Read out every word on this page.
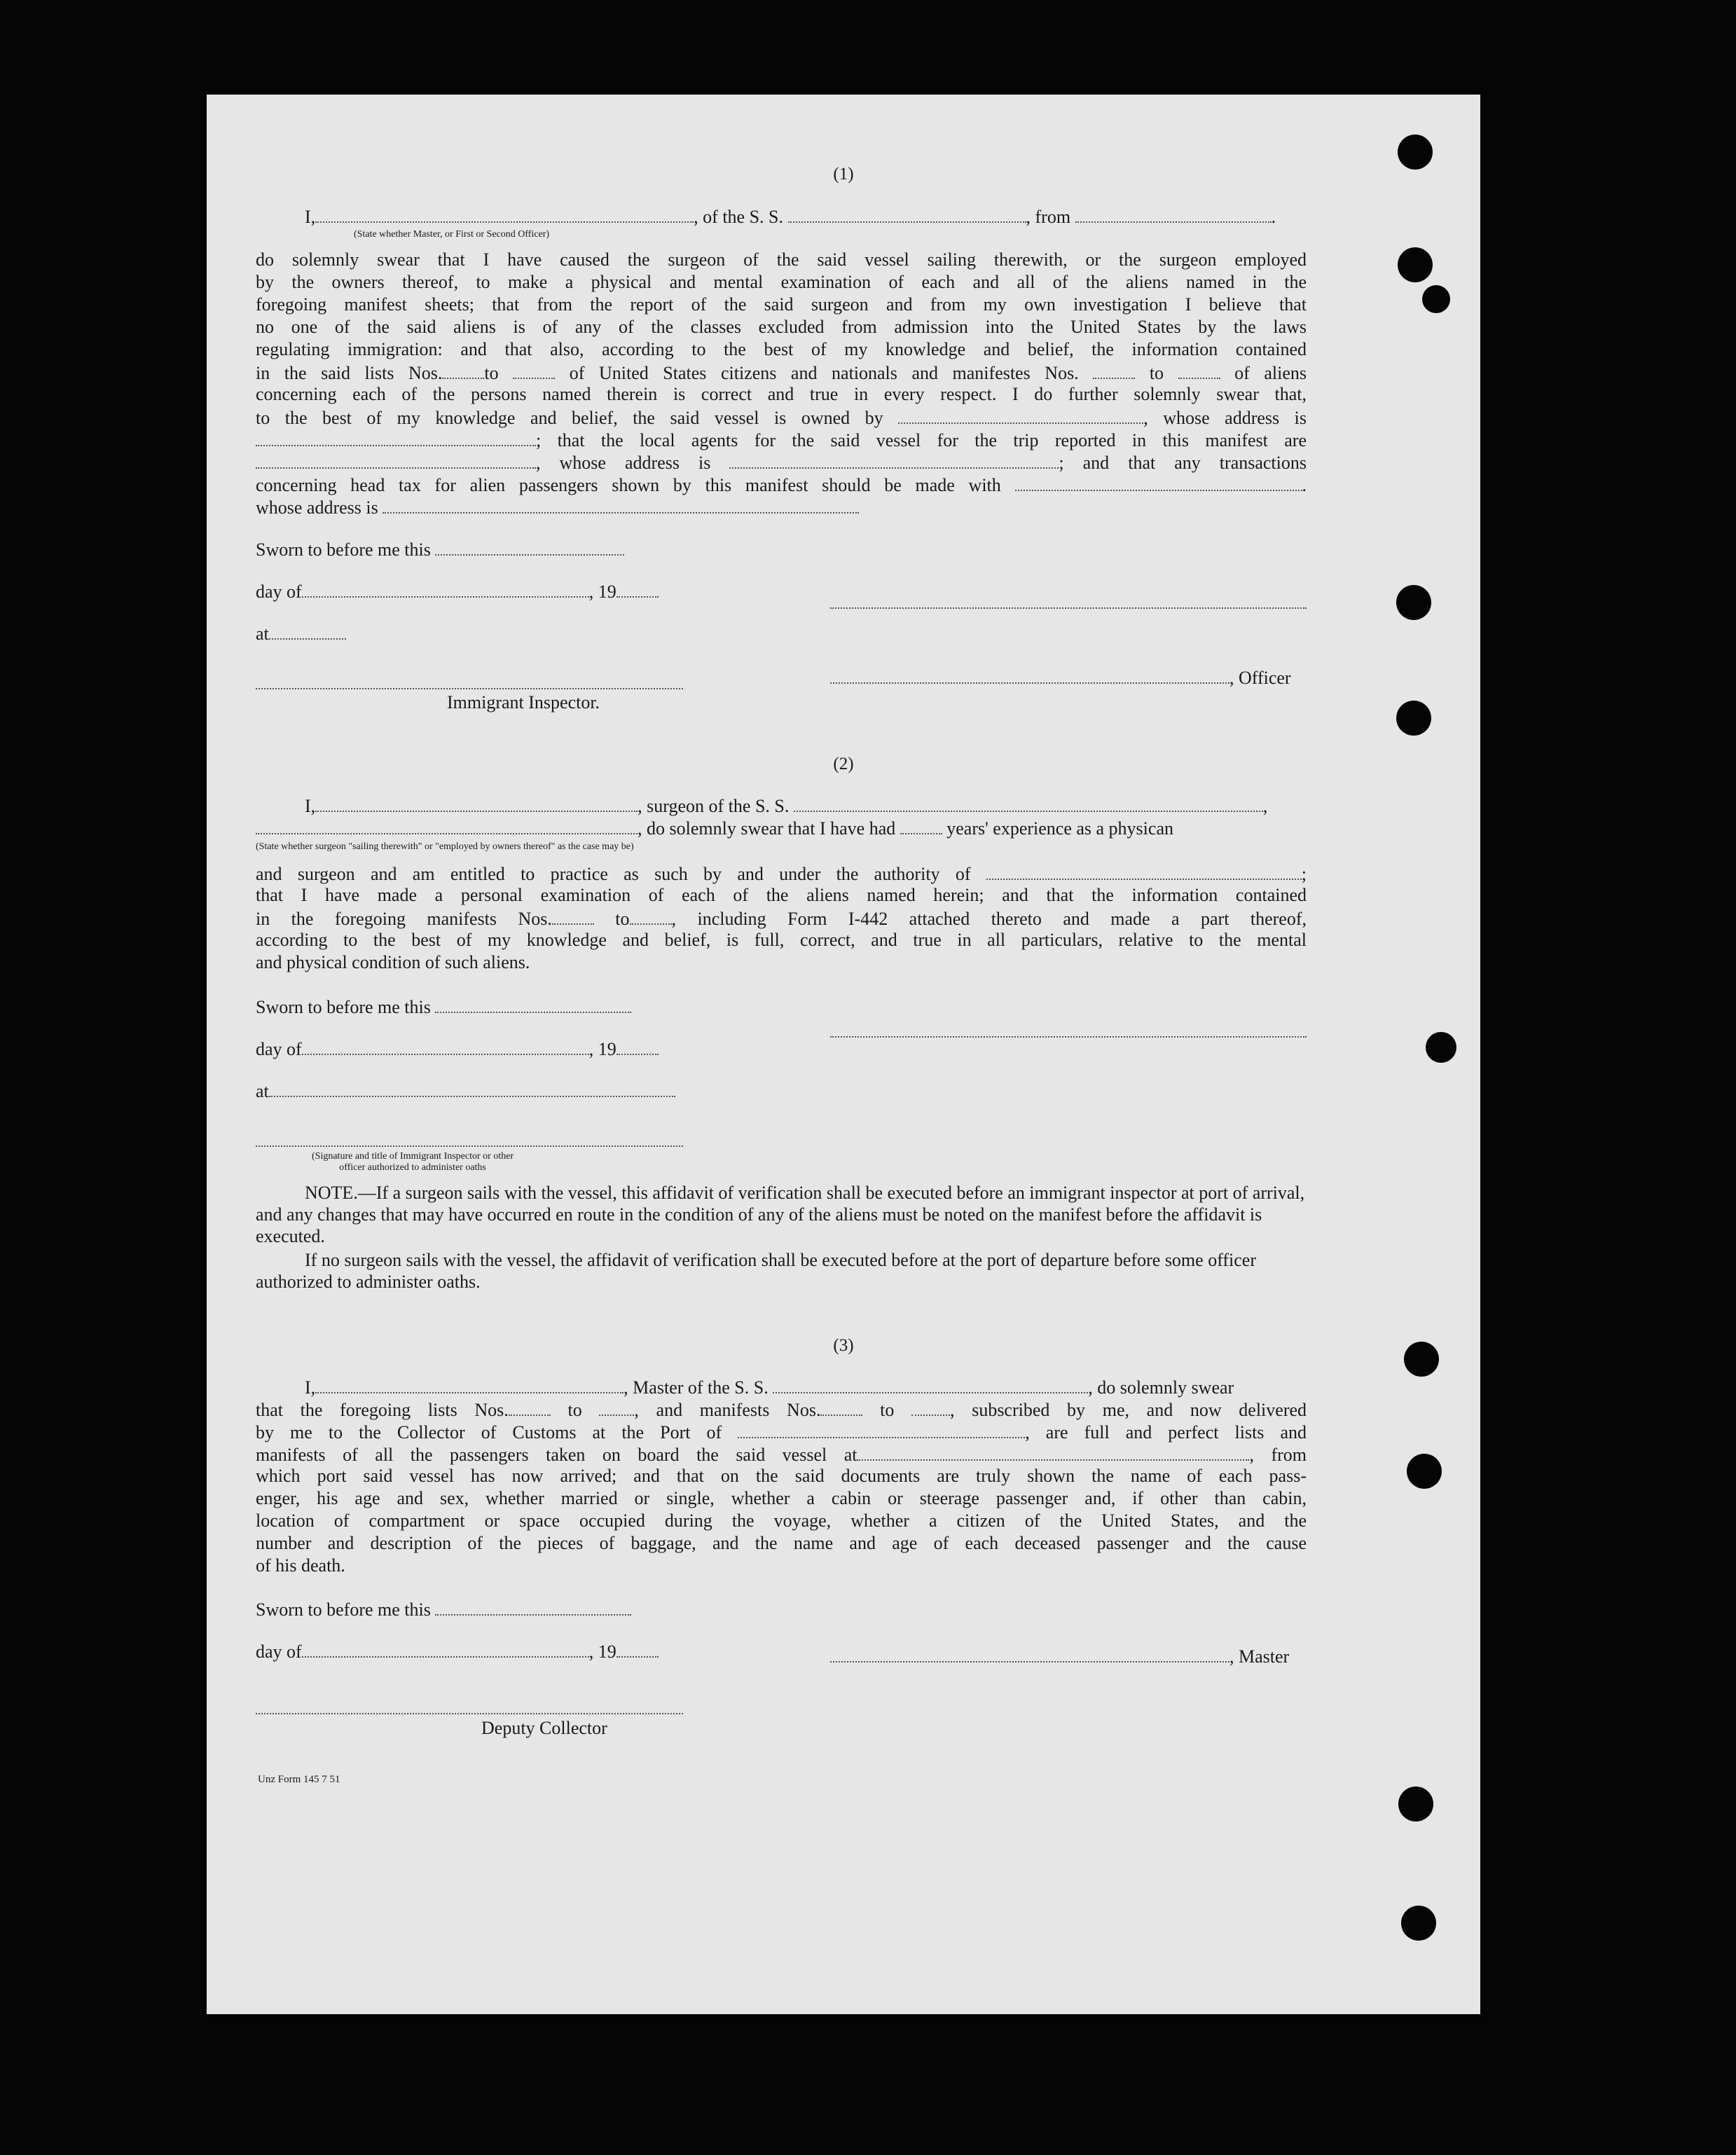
(1)
I,	, of the S. S.	, from	.
(State whether Master, or First or Second Officer)
do solemnly swear that I have caused the surgeon of the said vessel sailing therewith, or the surgeon employed
by the owners thereof, to make a physical and mental examination of each and all of the aliens named in the
foregoing manifest sheets; that from the report of the said surgeon and from my own investigation I believe that
no one of the said aliens is of any of the classes excluded from admission into the United States by the laws
regulating immigration: and that also, according to the best of my knowledge and belief, the information contained
in the said lists Nos. to	of United States citizens and nationals and manifestes Nos.	to	of aliens
concerning each of the persons named therein is correct and true in every respect. I do further solemnly swear that,
to the best of my knowledge and belief, the said vessel is owned by	, whose address is
; that the local agents for the said vessel for the trip reported in this manifest are
, whose address is	; and that any transactions
concerning head tax for alien passengers shown by this manifest should be made with	.
whose address is
Sworn to before me this
day of	, 19
at
, Officer
Immigrant Inspector.
(2)
I,	, surgeon of the S. S.	,
, do solemnly swear that I have had	years' experience as a physican
(State whether surgeon "sailing therewith" or "employed by owners thereof" as the case may be)
and surgeon and am entitled to practice as such by and under the authority of	;
that I have made a personal examination of each of the aliens named herein; and that the information contained
in the foregoing manifests Nos.	to , including Form I-442 attached thereto and made a part thereof,
according to the best of my knowledge and belief, is full, correct, and true in all particulars, relative to the mental
and physical condition of such aliens.
Sworn to before me this
day of	, 19
at
(Signature and title of Immigrant Inspector or other
officer authorized to administer oaths
NOTE.—If a surgeon sails with the vessel, this affidavit of verification shall be executed before an immigrant inspector at port of arrival, and any changes that may have occurred en route in the condition of any of the aliens must be noted on the manifest before the affidavit is executed.
If no surgeon sails with the vessel, the affidavit of verification shall be executed before at the port of departure before some officer authorized to administer oaths.
(3)
I,	, Master of the S. S.	, do solemnly swear
that the foregoing lists Nos.	to	, and manifests Nos.	to	, subscribed by me, and now delivered
by me to the Collector of Customs at the Port of	, are full and perfect lists and
manifests of all the passengers taken on board the said vessel at	, from
which port said vessel has now arrived; and that on the said documents are truly shown the name of each pass-
enger, his age and sex, whether married or single, whether a cabin or steerage passenger and, if other than cabin,
location of compartment or space occupied during the voyage, whether a citizen of the United States, and the
number and description of the pieces of baggage, and the name and age of each deceased passenger and the cause
of his death.
Sworn to before me this
day of	, 19	, Master
Deputy Collector
Unz Form 145 7 51
